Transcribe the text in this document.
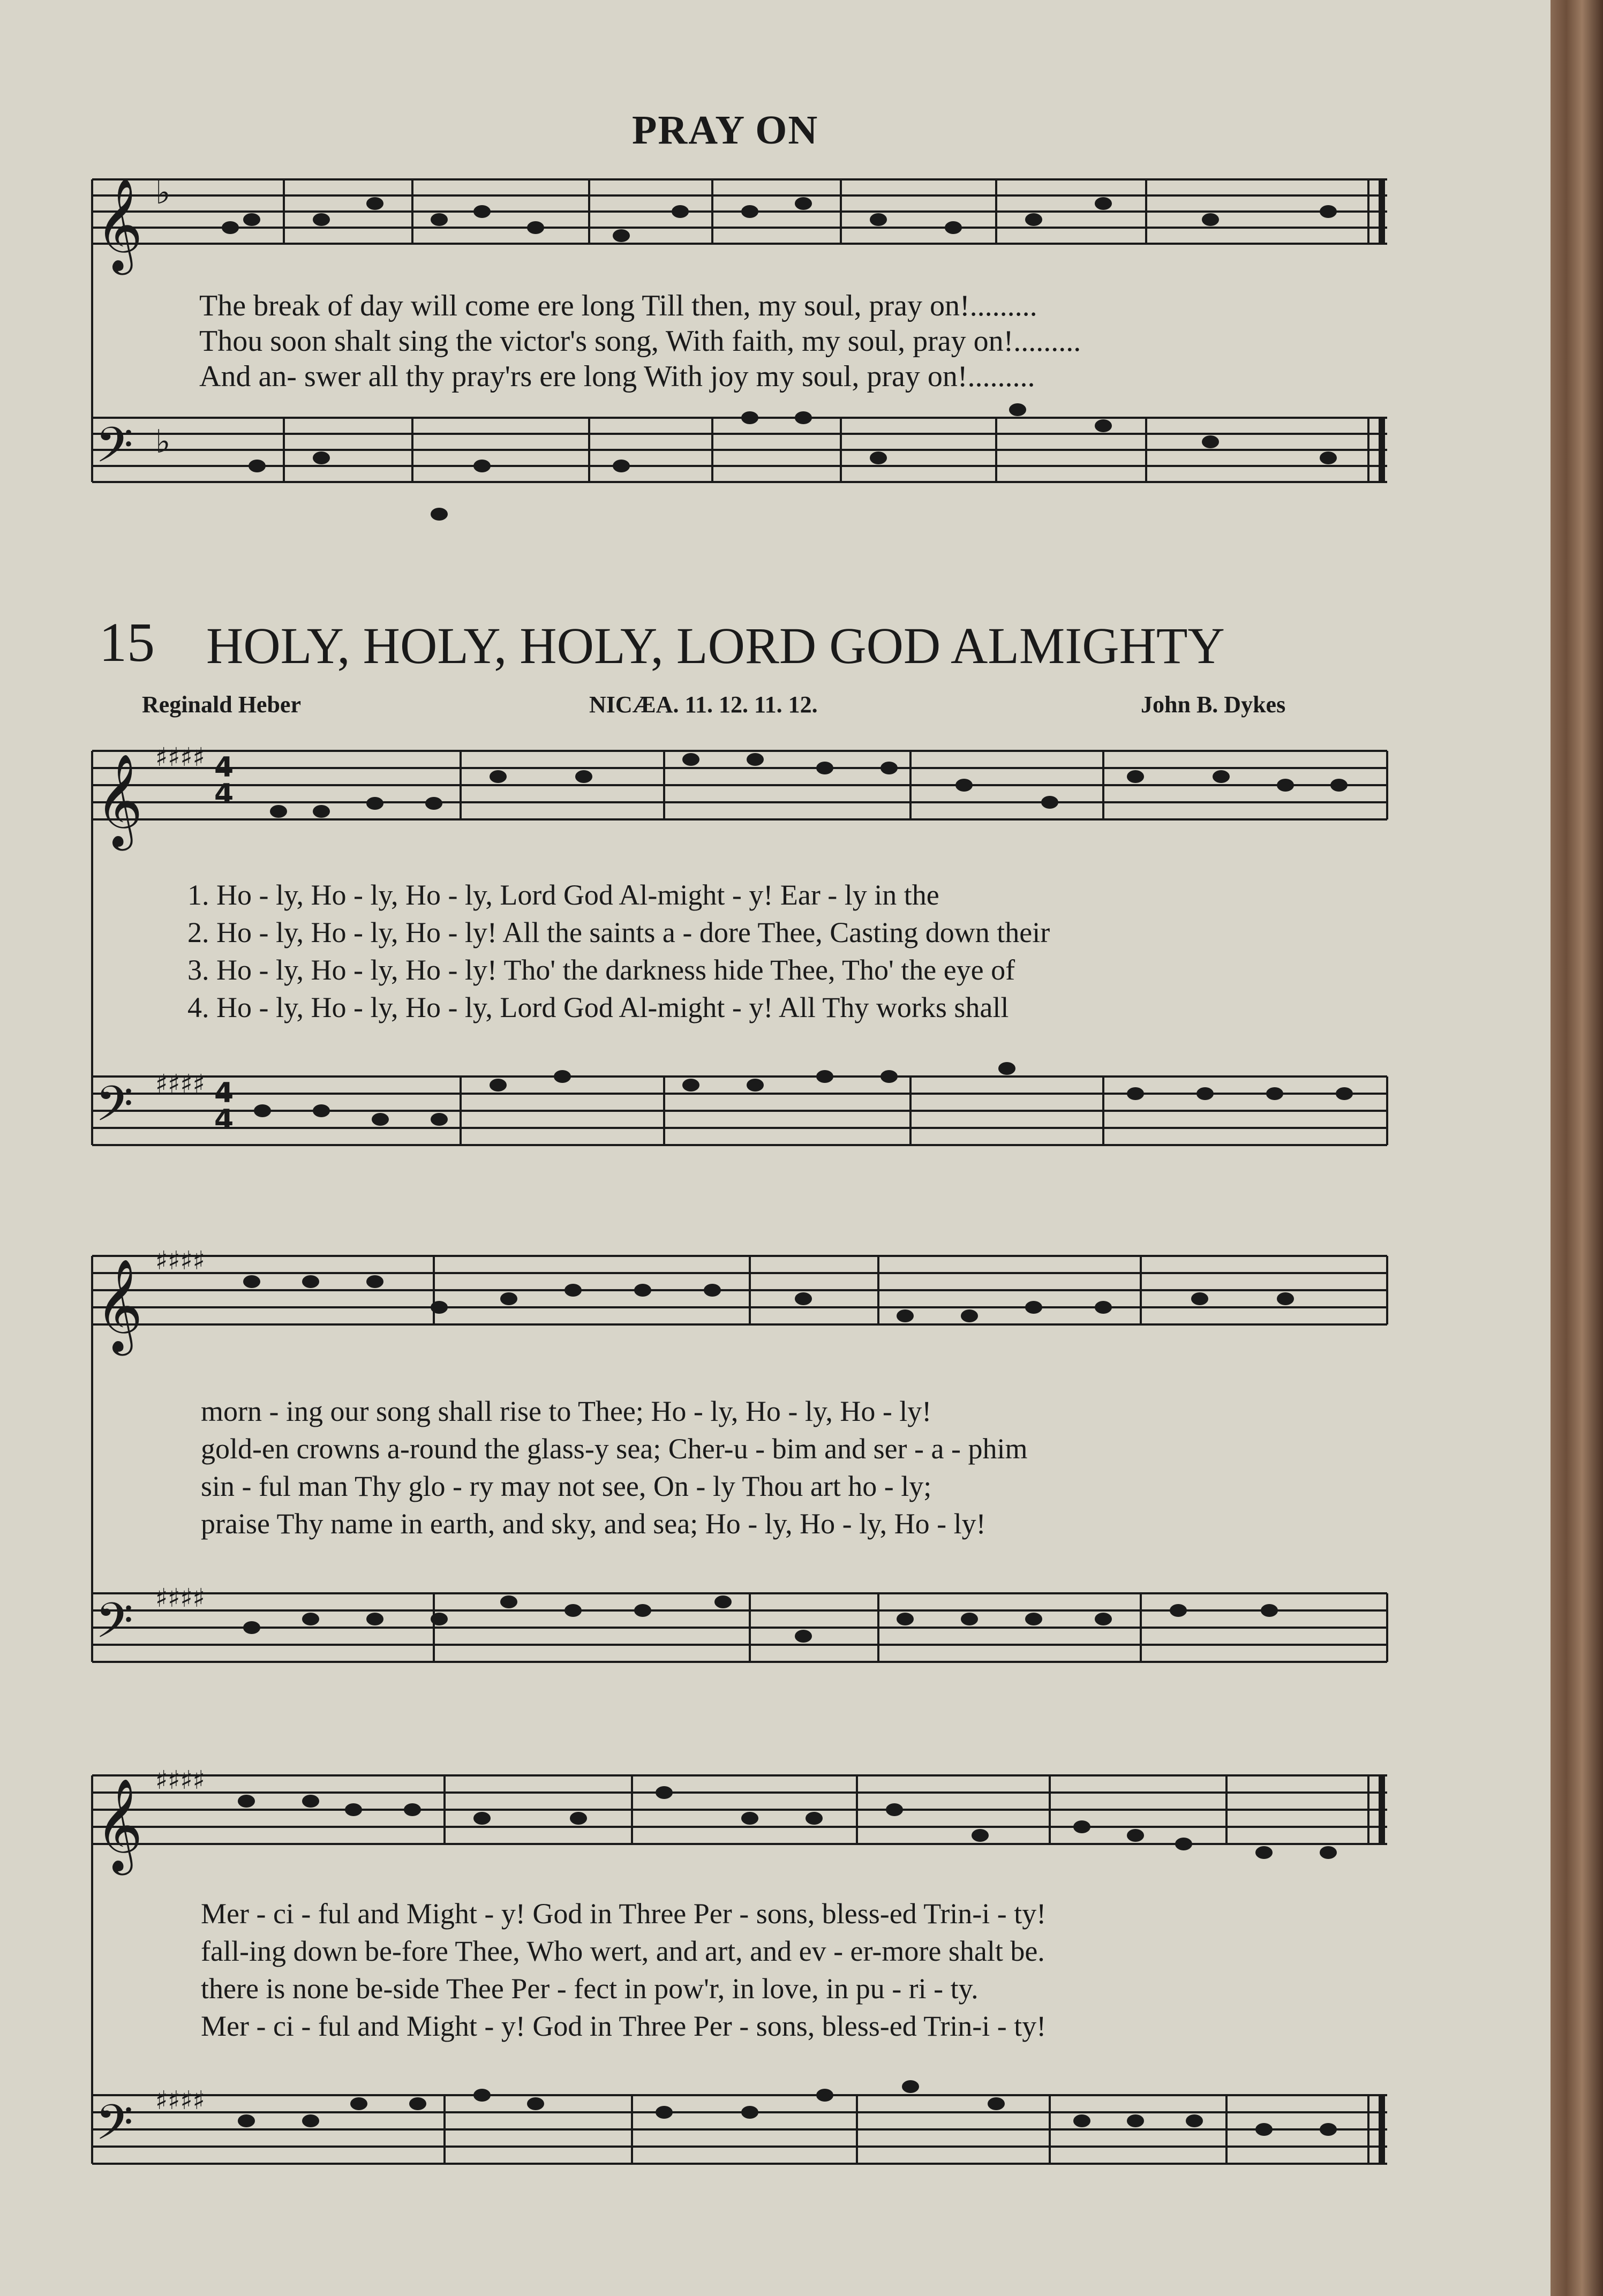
𝄞
𝄢
♭
♭
𝄞
𝄢
𝄞
𝄢
𝄞
𝄢
♯♯♯♯
♯♯♯♯
♯♯♯♯
♯♯♯♯
♯♯♯♯
♯♯♯♯
4
4
4
4
PRAY ON
The break of day will come ere long Till then, my soul, pray on!.........
Thou soon shalt sing the victor's song, With faith, my soul, pray on!.........
And an- swer all thy pray'rs ere long With joy my soul, pray on!.........
15 HOLY, HOLY, HOLY, LORD GOD ALMIGHTY
Reginald Heber	NICÆA. 11. 12. 11. 12.	John B. Dykes
1. Ho - ly, Ho - ly, Ho - ly, Lord God Al-might - y! Ear - ly in the
2. Ho - ly, Ho - ly, Ho - ly! All the saints a - dore Thee, Casting down their
3. Ho - ly, Ho - ly, Ho - ly! Tho' the darkness hide Thee, Tho' the eye of
4. Ho - ly, Ho - ly, Ho - ly, Lord God Al-might - y! All Thy works shall
morn - ing our song shall rise to Thee; Ho - ly, Ho - ly, Ho - ly!
gold-en crowns a-round the glass-y sea; Cher-u - bim and ser - a - phim
sin - ful man Thy glo - ry may not see, On - ly Thou art ho - ly;
praise Thy name in earth, and sky, and sea; Ho - ly, Ho - ly, Ho - ly!
Mer - ci - ful and Might - y! God in Three Per - sons, bless-ed Trin-i - ty!
fall-ing down be-fore Thee, Who wert, and art, and ev - er-more shalt be.
there is none be-side Thee Per - fect in pow'r, in love, in pu - ri - ty.
Mer - ci - ful and Might - y! God in Three Per - sons, bless-ed Trin-i - ty!
